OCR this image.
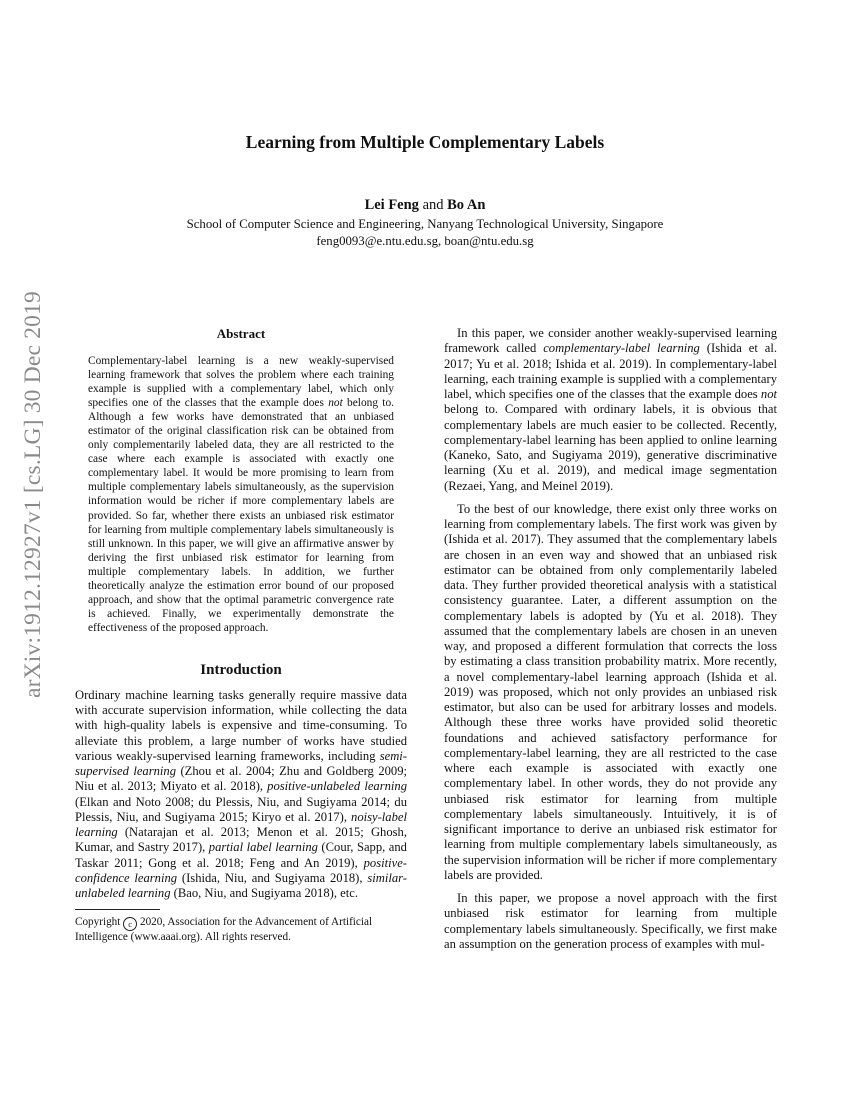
arXiv:1912.12927v1 [cs.LG] 30 Dec 2019
Learning from Multiple Complementary Labels
Lei Feng and Bo An
School of Computer Science and Engineering, Nanyang Technological University, Singapore
feng0093@e.ntu.edu.sg, boan@ntu.edu.sg
Abstract

Complementary-label learning is a new weakly-supervised learning framework that solves the problem where each training example is supplied with a complementary label, which only specifies one of the classes that the example does not belong to. Although a few works have demonstrated that an unbiased estimator of the original classification risk can be obtained from only complementarily labeled data, they are all restricted to the case where each example is associated with exactly one complementary label. It would be more promising to learn from multiple complementary labels simultaneously, as the supervision information would be richer if more complementary labels are provided. So far, whether there exists an unbiased risk estimator for learning from multiple complementary labels simultaneously is still unknown. In this paper, we will give an affirmative answer by deriving the first unbiased risk estimator for learning from multiple complementary labels. In addition, we further theoretically analyze the estimation error bound of our proposed approach, and show that the optimal parametric convergence rate is achieved. Finally, we experimentally demonstrate the effectiveness of the proposed approach.

Introduction

Ordinary machine learning tasks generally require massive data with accurate supervision information, while collecting the data with high-quality labels is expensive and time-consuming. To alleviate this problem, a large number of works have studied various weakly-supervised learning frameworks, including semi-supervised learning (Zhou et al. 2004; Zhu and Goldberg 2009; Niu et al. 2013; Miyato et al. 2018), positive-unlabeled learning (Elkan and Noto 2008; du Plessis, Niu, and Sugiyama 2014; du Plessis, Niu, and Sugiyama 2015; Kiryo et al. 2017), noisy-label learning (Natarajan et al. 2013; Menon et al. 2015; Ghosh, Kumar, and Sastry 2017), partial label learning (Cour, Sapp, and Taskar 2011; Gong et al. 2018; Feng and An 2019), positive-confidence learning (Ishida, Niu, and Sugiyama 2018), similar-unlabeled learning (Bao, Niu, and Sugiyama 2018), etc.

Copyright c 2020, Association for the Advancement of Artificial Intelligence (www.aaai.org). All rights reserved.

In this paper, we consider another weakly-supervised learning framework called complementary-label learning (Ishida et al. 2017; Yu et al. 2018; Ishida et al. 2019). In complementary-label learning, each training example is supplied with a complementary label, which specifies one of the classes that the example does not belong to. Compared with ordinary labels, it is obvious that complementary labels are much easier to be collected. Recently, complementary-label learning has been applied to online learning (Kaneko, Sato, and Sugiyama 2019), generative discriminative learning (Xu et al. 2019), and medical image segmentation (Rezaei, Yang, and Meinel 2019).

To the best of our knowledge, there exist only three works on learning from complementary labels. The first work was given by (Ishida et al. 2017). They assumed that the complementary labels are chosen in an even way and showed that an unbiased risk estimator can be obtained from only complementarily labeled data. They further provided theoretical analysis with a statistical consistency guarantee. Later, a different assumption on the complementary labels is adopted by (Yu et al. 2018). They assumed that the complementary labels are chosen in an uneven way, and proposed a different formulation that corrects the loss by estimating a class transition probability matrix. More recently, a novel complementary-label learning approach (Ishida et al. 2019) was proposed, which not only provides an unbiased risk estimator, but also can be used for arbitrary losses and models. Although these three works have provided solid theoretic foundations and achieved satisfactory performance for complementary-label learning, they are all restricted to the case where each example is associated with exactly one complementary label. In other words, they do not provide any unbiased risk estimator for learning from multiple complementary labels simultaneously. Intuitively, it is of significant importance to derive an unbiased risk estimator for learning from multiple complementary labels simultaneously, as the supervision information will be richer if more complementary labels are provided.

In this paper, we propose a novel approach with the first unbiased risk estimator for learning from multiple complementary labels simultaneously. Specifically, we first make an assumption on the generation process of examples with mul-
